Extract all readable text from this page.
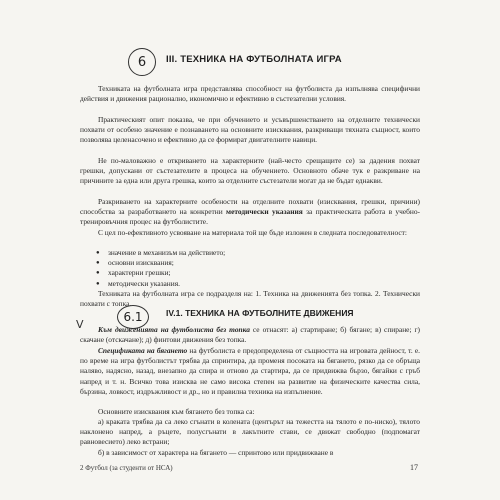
6	III. ТЕХНИКА НА ФУТБОЛНАТА ИГРА
Техниката на футболната игра представлява способност на футболиста да изпълнява специфични действия и движения рационално, икономично и ефективно в състезателни условия.
Практическият опит показва, че при обучението и усъвършенстването на отделните технически похвати от особено значение е познаването на основните изисквания, разкриващи тяхната същност, които позволява целенасочено и ефективно да се формират двигателните навици.
Не по-маловажно е откриването на характерните (най-често срещащите се) за дадения похват грешки, допускани от състезателите в процеса на обучението. Основното обаче тук е разкриване на причините за една или друга грешка, които за отделните състезатели могат да не бъдат еднакви.
Разкриването на характерните особености на отделните похвати (изисквания, грешки, причини) способства за разработването на конкретни методически указания за практическата работа в учебно-тренировъчния процес на футболистите.
С цел по-ефективното усвояване на материала той ще бъде изложен в следната последователност:
● значение в механизъм на действието;
● основни изисквания;
● характерни грешки;
● методически указания.
Техниката на футболната игра се подразделя на: 1. Техника на движенията без топка. 2. Технически похвати с топка.
6.1	IV.1. ТЕХНИКА НА ФУТБОЛНИТЕ ДВИЖЕНИЯ
V	Към движенията на футболиста без топка се отнасят: а) стартиране; б) бягане; в) спиране; г) скачане (отскачане); д) финтови движения без топка.
Спецификата на бягането на футболиста е предопределена от същността на игровата дейност, т. е. по време на игра футболистът трябва да спринтира, да променя посоката на бягането, рязко да се обръща наляво, надясно, назад, внезапно да спира и отново да стартира, да се придвижва бързо, бягайки с гръб напред и т. н. Всичко това изисква не само висока степен на развитие на физическите качества сила, бързина, ловкост, издръжливост и др., но и правилна техника на изпълнение.
Основните изисквания към бягането без топка са:
а) краката трябва да са леко сгънати в колената (центърът на тежестта на тялото е по-ниско), тялото наклонено напред, а ръцете, полусгънати в лакътните стави, се движат свободно (подпомагат равновесието) леко встрани;
б) в зависимост от характера на бягането — спринтово или придвижване в
2 Футбол (за студенти от НСА)	17
